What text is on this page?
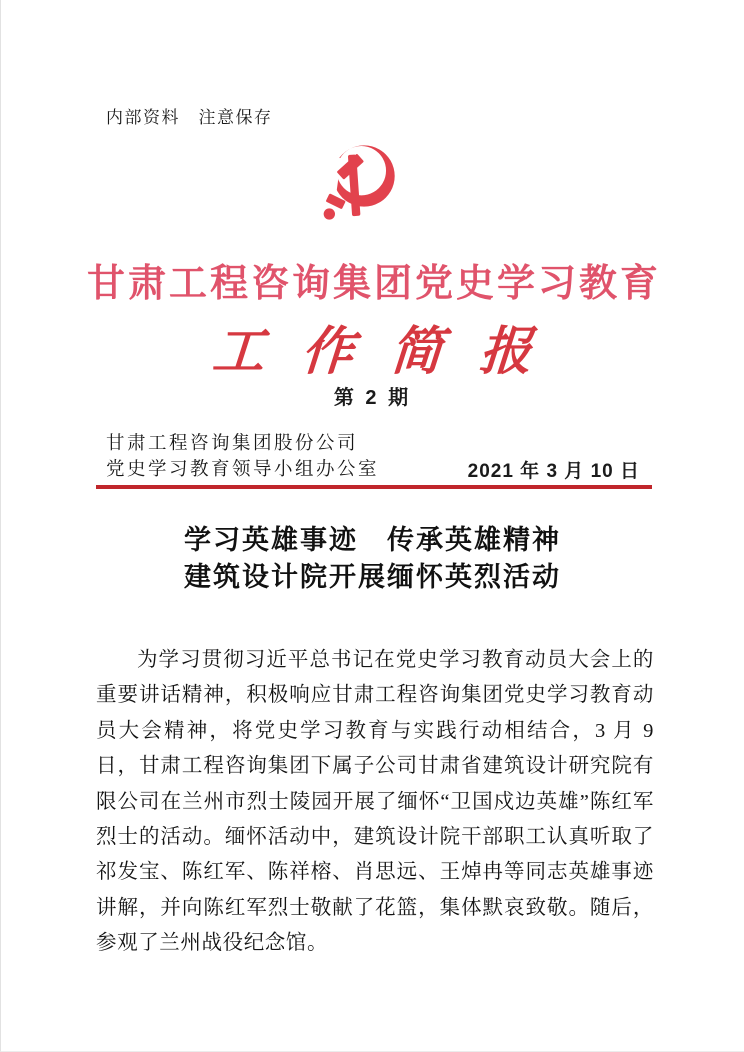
内部资料　注意保存
甘肃工程咨询集团党史学习教育
工作简报
第 2 期
甘肃工程咨询集团股份公司
党史学习教育领导小组办公室	2021 年 3 月 10 日
学习英雄事迹　传承英雄精神
建筑设计院开展缅怀英烈活动

为学习贯彻习近平总书记在党史学习教育动员大会上的重要讲话精神，积极响应甘肃工程咨询集团党史学习教育动员大会精神，将党史学习教育与实践行动相结合，3 月 9 日，甘肃工程咨询集团下属子公司甘肃省建筑设计研究院有限公司在兰州市烈士陵园开展了缅怀“卫国戍边英雄”陈红军烈士的活动。缅怀活动中，建筑设计院干部职工认真听取了祁发宝、陈红军、陈祥榕、肖思远、王焯冉等同志英雄事迹讲解，并向陈红军烈士敬献了花篮，集体默哀致敬。随后，参观了兰州战役纪念馆。
